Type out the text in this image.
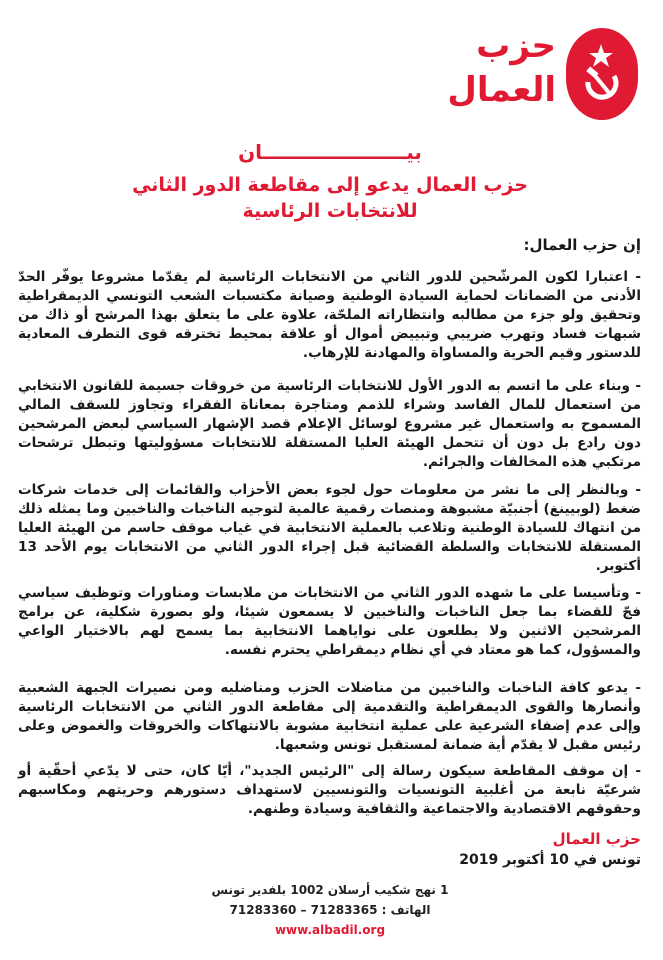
حزب
العمال
بيـــــــــــــــــــــان
حزب العمال يدعو إلى مقاطعة الدور الثاني
للانتخابات الرئاسية
إن حزب العمال:
- اعتبارا لكون المرشّحين للدور الثاني من الانتخابات الرئاسية لم يقدّما مشروعا يوفّر الحدّ الأدنى من الضمانات لحماية السيادة الوطنية وصيانة مكتسبات الشعب التونسي الديمقراطية وتحقيق ولو جزء من مطالبه وانتظاراته الملحّة، علاوة على ما يتعلق بهذا المرشح أو ذاك من شبهات فساد وتهرب ضريبي وتبييض أموال أو علاقة بمحيط تخترقه قوى التطرف المعادية للدستور وقيم الحرية والمساواة والمهادنة للإرهاب.
- وبناء على ما اتسم به الدور الأول للانتخابات الرئاسية من خروقات جسيمة للقانون الانتخابي من استعمال للمال الفاسد وشراء للذمم ومتاجرة بمعاناة الفقراء وتجاوز للسقف المالي المسموح به واستعمال غير مشروع لوسائل الإعلام قصد الإشهار السياسي لبعض المرشحين دون رادع بل دون أن تتحمل الهيئة العليا المستقلة للانتخابات مسؤوليتها وتبطل ترشحات مرتكبي هذه المخالفات والجرائم.
- وبالنظر إلى ما نشر من معلومات حول لجوء بعض الأحزاب والقائمات إلى خدمات شركات ضغط (لوبيينغ) أجنبيّة مشبوهة ومنصات رقمية عالمية لتوجيه الناخبات والناخبين وما يمثله ذلك من انتهاك للسيادة الوطنية وتلاعب بالعملية الانتخابية في غياب موقف حاسم من الهيئة العليا المستقلة للانتخابات والسلطة القضائية قبل إجراء الدور الثاني من الانتخابات يوم الأحد 13 أكتوبر.
- وتأسيسا على ما شهده الدور الثاني من الانتخابات من ملابسات ومناورات وتوظيف سياسي فجّ للقضاء بما جعل الناخبات والناخبين لا يسمعون شيئا، ولو بصورة شكلية، عن برامج المرشحين الاثنين ولا يطلعون على نواياهما الانتخابية بما يسمح لهم بالاختيار الواعي والمسؤول، كما هو معتاد في أي نظام ديمقراطي يحترم نفسه.
- يدعو كافة الناخبات والناخبين من مناضلات الحزب ومناضليه ومن نصيرات الجبهة الشعبية وأنصارها والقوى الديمقراطية والتقدمية إلى مقاطعة الدور الثاني من الانتخابات الرئاسية وإلى عدم إضفاء الشرعية على عملية انتخابية مشوبة بالانتهاكات والخروقات والغموض وعلى رئيس مقبل لا يقدّم أية ضمانة لمستقبل تونس وشعبها.
- إن موقف المقاطعة سيكون رسالة إلى "الرئيس الجديد"، أيّا كان، حتى لا يدّعي أحقّية أو شرعيّة نابعة من أغلبية التونسيات والتونسيين لاستهداف دستورهم وحريتهم ومكاسبهم وحقوقهم الاقتصادية والاجتماعية والثقافية وسيادة وطنهم.
حزب العمال
تونس في 10 أكتوبر 2019
1 نهج شكيب أرسلان 1002 بلفدير تونس
الهاتف : 71283365 – 71283360
www.albadil.org
